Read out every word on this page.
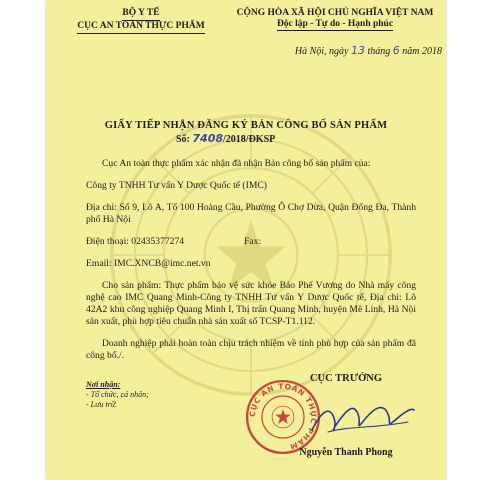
BỘ Y TẾ
CỤC AN TOÀN THỰC PHẨM
CỘNG HÒA XÃ HỘI CHỦ NGHĨA VIỆT NAM
Độc lập - Tự do - Hạnh phúc
Hà Nội, ngày 13 tháng 6 năm 2018
GIẤY TIẾP NHẬN ĐĂNG KÝ BẢN CÔNG BỐ SẢN PHẨM
Số: 7408/2018/ĐKSP

Cục An toàn thực phẩm xác nhận đã nhận Bản công bố sản phẩm của:

Công ty TNHH Tư vấn Y Dược Quốc tế (IMC)

Địa chỉ: Số 9, Lô A, Tổ 100 Hoàng Cầu, Phường Ô Chợ Dừa, Quận Đống Đa, Thành phố Hà Nội

Điện thoại: 02435377274	Fax:

Email: IMC.XNCB@imc.net.vn

Cho sản phẩm: Thực phẩm bảo vệ sức khỏe Bảo Phế Vương do Nhà máy công nghệ cao IMC Quang Minh-Công ty TNHH Tư vấn Y Dược Quốc tế, Địa chỉ: Lô 42A2 khu công nghiệp Quang Minh I, Thị trấn Quang Minh, huyện Mê Linh, Hà Nội sản xuất, phù hợp tiêu chuẩn nhà sản xuất số TCSP-T1.112.

Doanh nghiệp phải hoàn toàn chịu trách nhiệm về tính phù hợp của sản phẩm đã công bố./.

Nơi nhận:
- Tổ chức, cá nhân;
- Lưu trữ.
CỤC TRƯỞNG
CỤC AN TOÀN THỰC PHẨM
Nguyễn Thanh Phong
